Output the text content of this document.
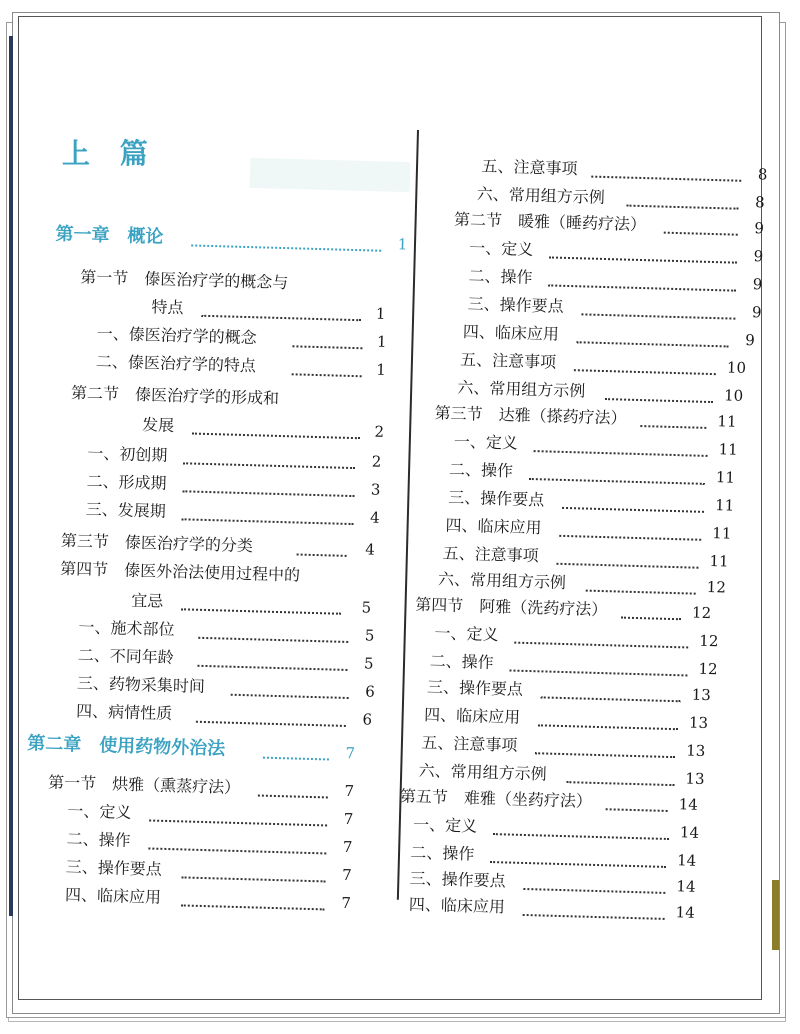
上 篇
第一章　概论	1
第一节　傣医治疗学的概念与
特点	1
一、傣医治疗学的概念	1
二、傣医治疗学的特点	1
第二节　傣医治疗学的形成和
发展	2
一、初创期	2
二、形成期	3
三、发展期	4
第三节　傣医治疗学的分类	4
第四节　傣医外治法使用过程中的
宜忌	5
一、施术部位	5
二、不同年龄	5
三、药物采集时间	6
四、病情性质	6
第二章　使用药物外治法	7
第一节　烘雅（熏蒸疗法）	7
一、定义	7
二、操作	7
三、操作要点	7
四、临床应用	7
五、注意事项	8
六、常用组方示例	8
第二节　暖雅（睡药疗法）	9
一、定义	9
二、操作	9
三、操作要点	9
四、临床应用	9
五、注意事项	10
六、常用组方示例	10
第三节　达雅（搽药疗法）	11
一、定义	11
二、操作	11
三、操作要点	11
四、临床应用	11
五、注意事项	11
六、常用组方示例	12
第四节　阿雅（洗药疗法）	12
一、定义	12
二、操作	12
三、操作要点	13
四、临床应用	13
五、注意事项	13
六、常用组方示例	13
第五节　难雅（坐药疗法）	14
一、定义	14
二、操作	14
三、操作要点	14
四、临床应用	14
